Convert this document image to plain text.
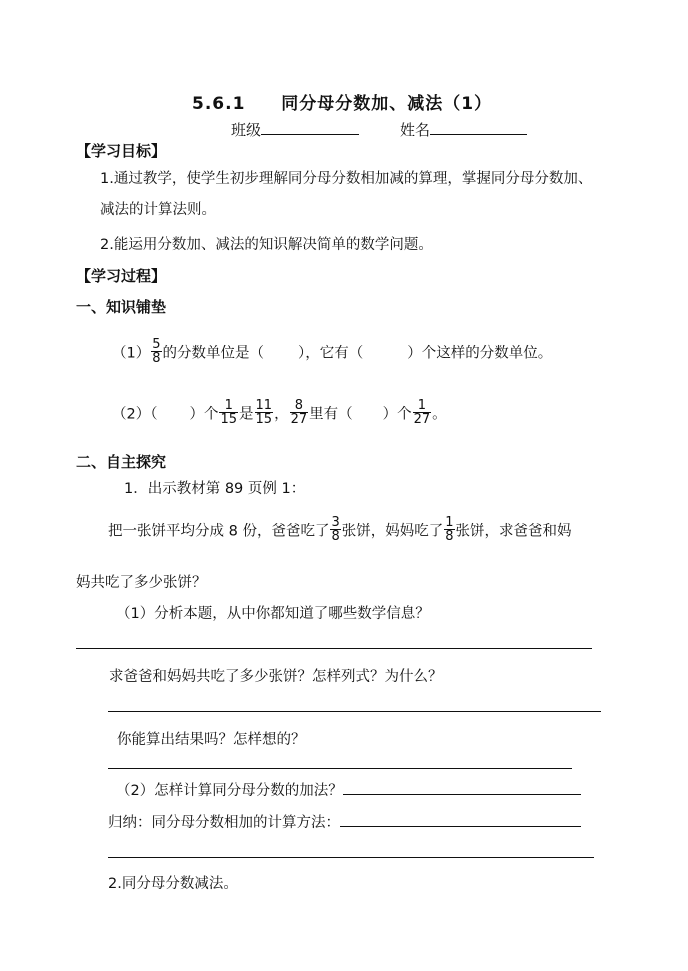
5.6.1 同分母分数加、减法（1）
班级	姓名
【学习目标】
1.通过教学，使学生初步理解同分母分数相加减的算理，掌握同分母分数加、
减法的计算法则。
2.能运用分数加、减法的知识解决简单的数学问题。
【学习过程】
一、知识铺垫
$(1) \frac{5}{8}$ 的分数单位是（ ），它有（	）个这样的分数单位。
（2）（ ）个 $\frac{1}{15}$ 是 $\frac{11}{15}$ ， $\frac{8}{27}$ 里有（ ）个 $\frac{1}{27}$ 。
二、自主探究
1．出示教材第 89 页例 1：
把一张饼平均分成 8 份，爸爸吃了 $\frac{3}{8}$ 张饼，妈妈吃了 $\frac{1}{8}$ 张饼，求爸爸和妈
妈共吃了多少张饼？
（1）分析本题，从中你都知道了哪些数学信息？
求爸爸和妈妈共吃了多少张饼？怎样列式？为什么？
你能算出结果吗？怎样想的？
（2）怎样计算同分母分数的加法？
归纳：同分母分数相加的计算方法：
2.同分母分数减法。
